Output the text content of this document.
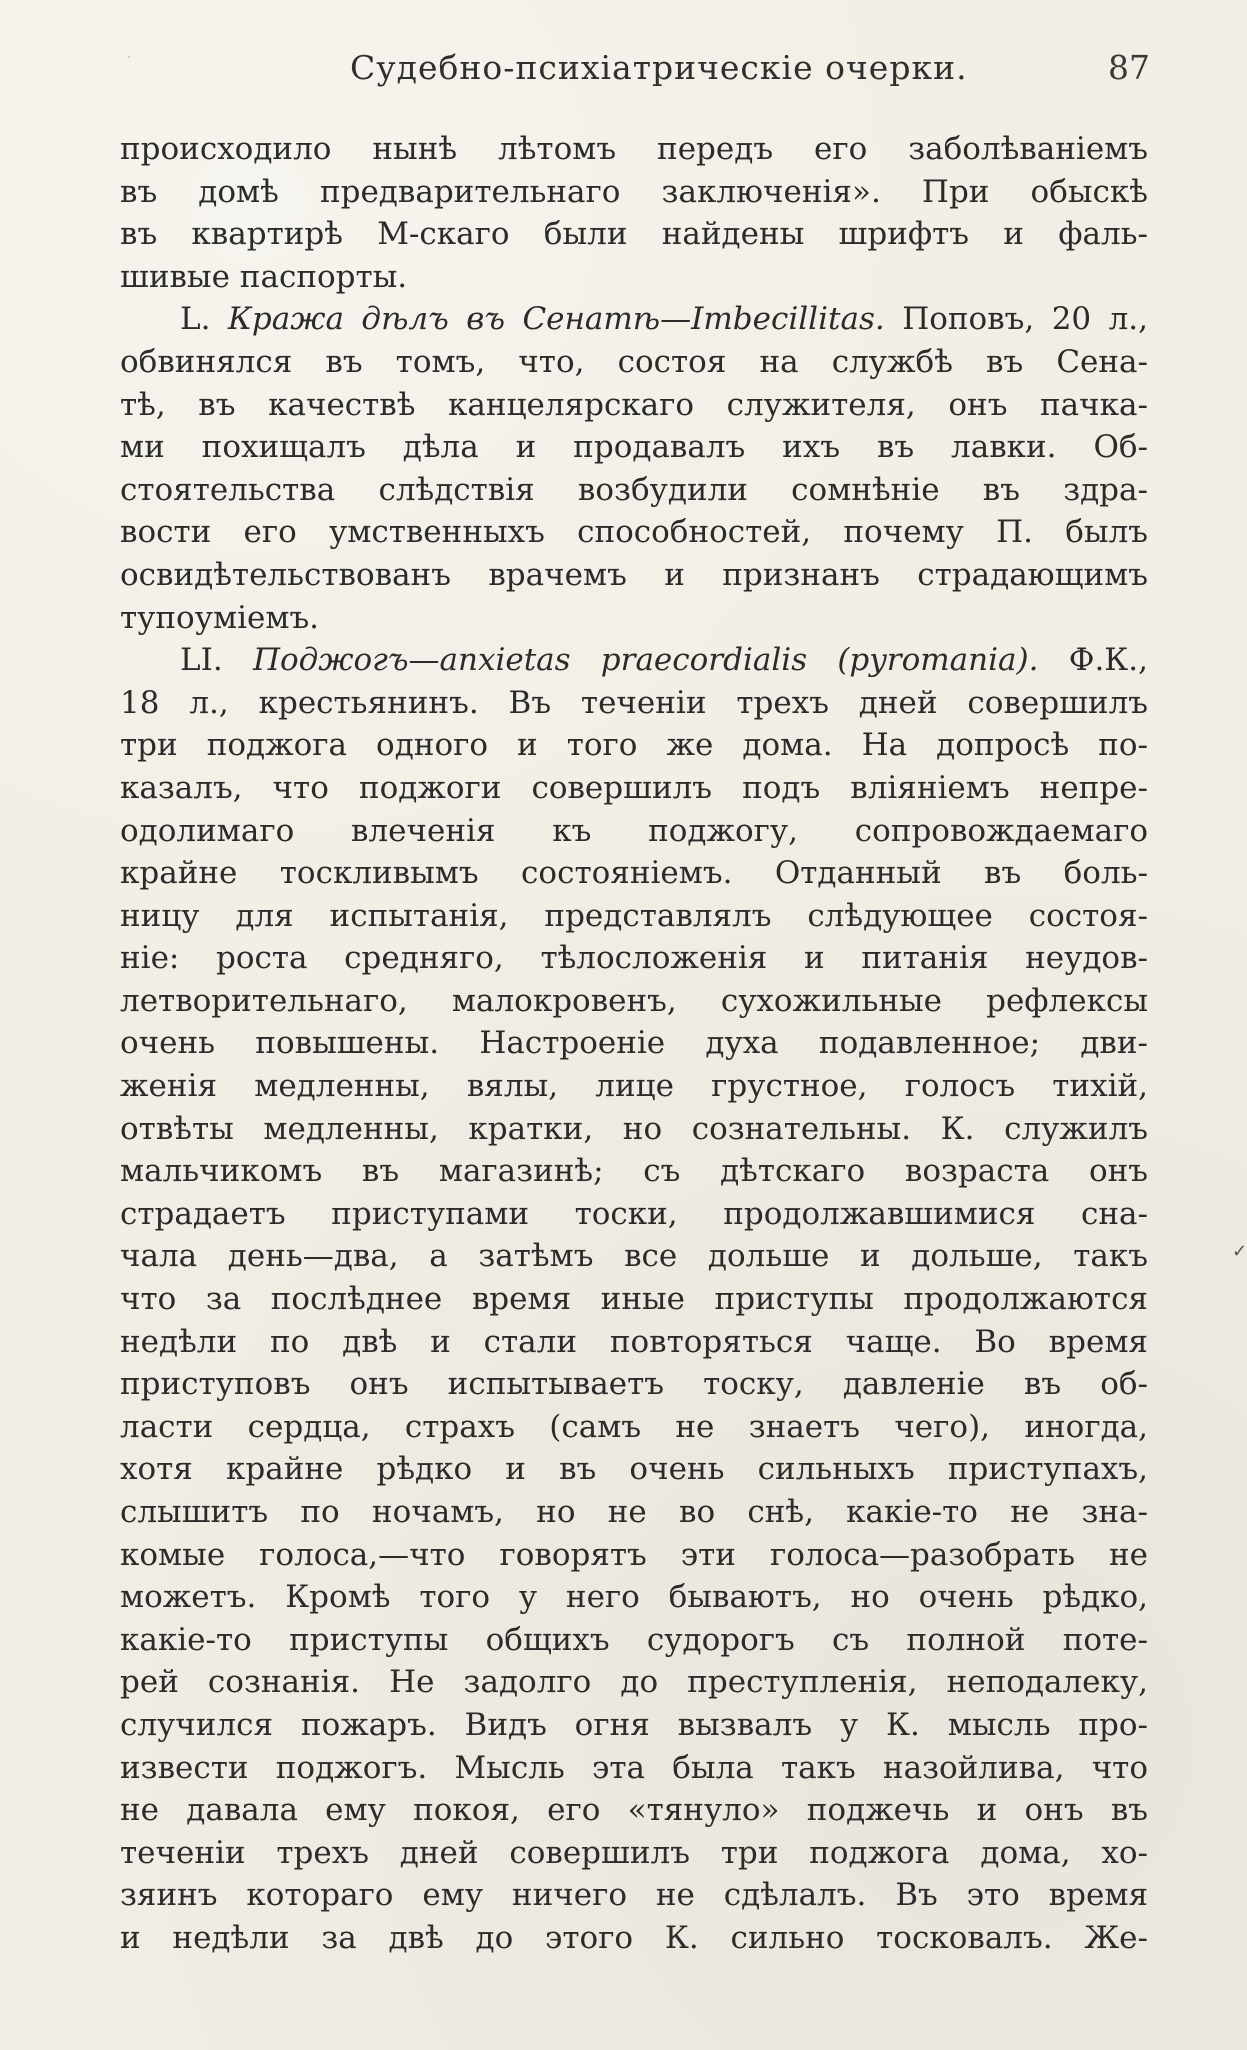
Судебно-психіатрическіе очерки.	87
происходило нынѣ лѣтомъ передъ его заболѣваніемъ
въ домѣ предварительнаго заключенія». При обыскѣ
въ квартирѣ М-скаго были найдены шрифтъ и фаль-
шивые паспорты.
L. Кража дѣлъ въ Сенатѣ—Imbecillitas. Поповъ, 20 л.,
обвинялся въ томъ, что, состоя на службѣ въ Сена-
тѣ, въ качествѣ канцелярскаго служителя, онъ пачка-
ми похищалъ дѣла и продавалъ ихъ въ лавки. Об-
стоятельства слѣдствія возбудили сомнѣніе въ здра-
вости его умственныхъ способностей, почему П. былъ
освидѣтельствованъ врачемъ и признанъ страдающимъ
тупоуміемъ.
LI. Поджогъ—anxietas praecordialis (pyromania). Ф.К.,
18 л., крестьянинъ. Въ теченіи трехъ дней совершилъ
три поджога одного и того же дома. На допросѣ по-
казалъ, что поджоги совершилъ подъ вліяніемъ непре-
одолимаго влеченія къ поджогу, сопровождаемаго
крайне тоскливымъ состояніемъ. Отданный въ боль-
ницу для испытанія, представлялъ слѣдующее состоя-
ніе: роста средняго, тѣлосложенія и питанія неудов-
летворительнаго, малокровенъ, сухожильные рефлексы
очень повышены. Настроеніе духа подавленное; дви-
женія медленны, вялы, лице грустное, голосъ тихій,
отвѣты медленны, кратки, но сознательны. К. служилъ
мальчикомъ въ магазинѣ; съ дѣтскаго возраста онъ
страдаетъ приступами тоски, продолжавшимися сна-
чала день—два, а затѣмъ все дольше и дольше, такъ
что за послѣднее время иные приступы продолжаются
недѣли по двѣ и стали повторяться чаще. Во время
приступовъ онъ испытываетъ тоску, давленіе въ об-
ласти сердца, страхъ (самъ не знаетъ чего), иногда,
хотя крайне рѣдко и въ очень сильныхъ приступахъ,
слышитъ по ночамъ, но не во снѣ, какіе-то не зна-
комые голоса,—что говорятъ эти голоса—разобрать не
можетъ. Кромѣ того у него бываютъ, но очень рѣдко,
какіе-то приступы общихъ судорогъ съ полной поте-
рей сознанія. Не задолго до преступленія, неподалеку,
случился пожаръ. Видъ огня вызвалъ у К. мысль про-
извести поджогъ. Мысль эта была такъ назойлива, что
не давала ему покоя, его «тянуло» поджечь и онъ въ
теченіи трехъ дней совершилъ три поджога дома, хо-
зяинъ котораго ему ничего не сдѣлалъ. Въ это время
и недѣли за двѣ до этого К. сильно тосковалъ. Же-
✓
